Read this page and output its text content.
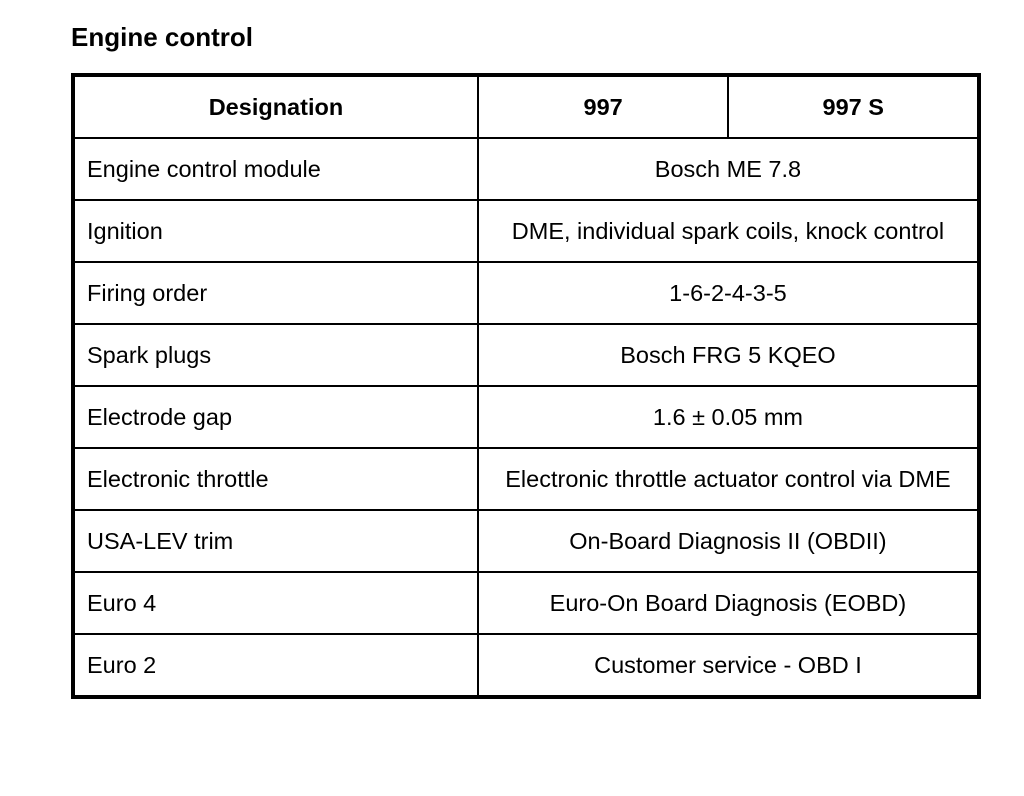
Engine control
Designation	997	997 S
Engine control module	Bosch ME 7.8	
Ignition	DME, individual spark coils, knock control	
Firing order	1-6-2-4-3-5	
Spark plugs	Bosch FRG 5 KQEO	
Electrode gap	1.6 ± 0.05 mm	
Electronic throttle	Electronic throttle actuator control via DME	
USA-LEV trim	On-Board Diagnosis II (OBDII)	
Euro 4	Euro-On Board Diagnosis (EOBD)	
Euro 2	Customer service - OBD I	
